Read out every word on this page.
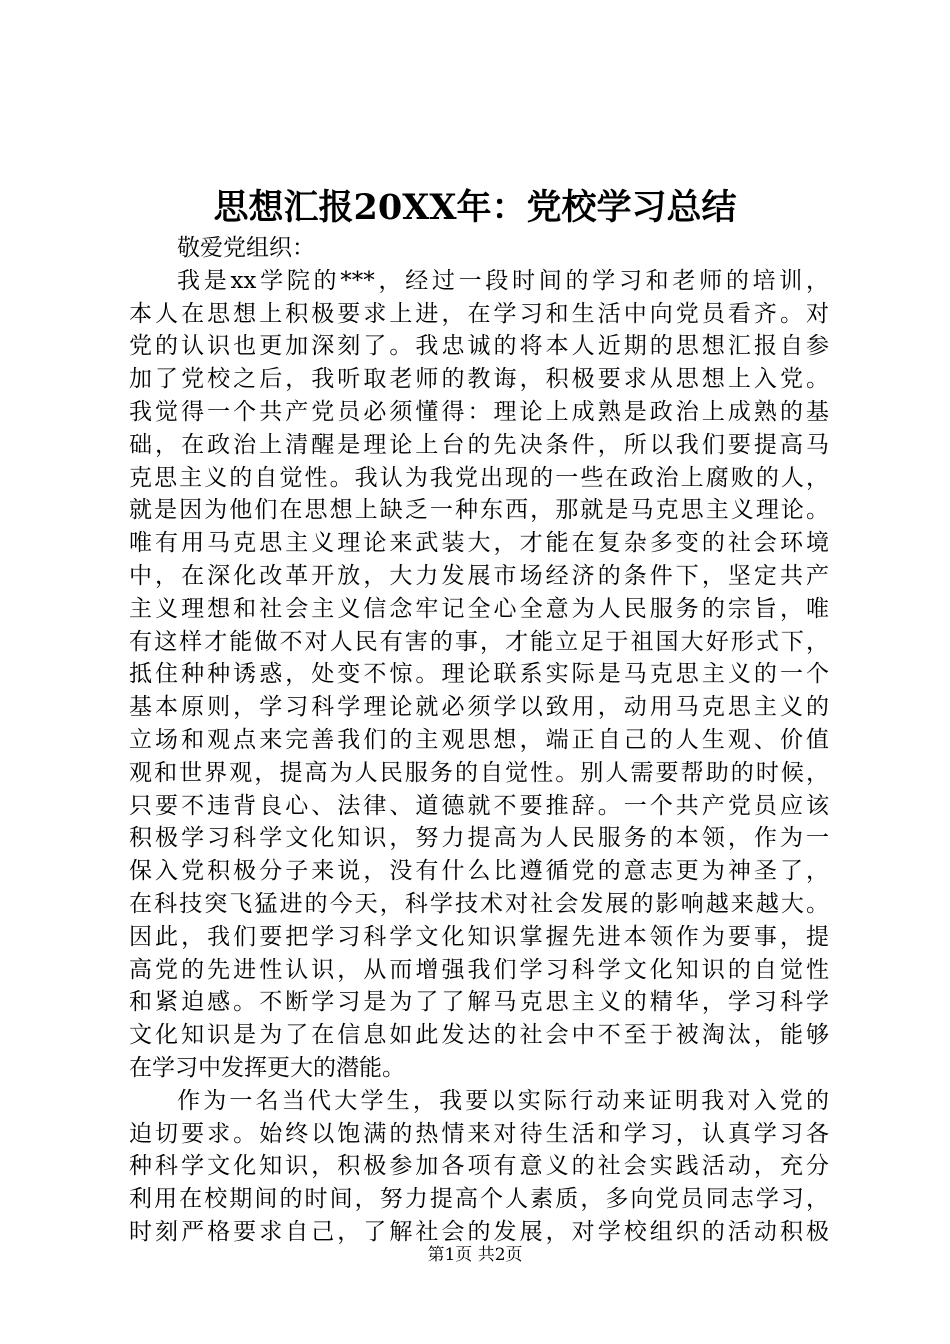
思想汇报20XX年：党校学习总结
敬爱党组织：
我是xx学院的***，经过一段时间的学习和老师的培训，
本人在思想上积极要求上进，在学习和生活中向党员看齐。对
党的认识也更加深刻了。我忠诚的将本人近期的思想汇报自参
加了党校之后，我听取老师的教诲，积极要求从思想上入党。
我觉得一个共产党员必须懂得：理论上成熟是政治上成熟的基
础，在政治上清醒是理论上台的先决条件，所以我们要提高马
克思主义的自觉性。我认为我党出现的一些在政治上腐败的人，
就是因为他们在思想上缺乏一种东西，那就是马克思主义理论。
唯有用马克思主义理论来武装大，才能在复杂多变的社会环境
中，在深化改革开放，大力发展市场经济的条件下，坚定共产
主义理想和社会主义信念牢记全心全意为人民服务的宗旨，唯
有这样才能做不对人民有害的事，才能立足于祖国大好形式下，
抵住种种诱惑，处变不惊。理论联系实际是马克思主义的一个
基本原则，学习科学理论就必须学以致用，动用马克思主义的
立场和观点来完善我们的主观思想，端正自己的人生观、价值
观和世界观，提高为人民服务的自觉性。别人需要帮助的时候，
只要不违背良心、法律、道德就不要推辞。一个共产党员应该
积极学习科学文化知识，努力提高为人民服务的本领，作为一
保入党积极分子来说，没有什么比遵循党的意志更为神圣了，
在科技突飞猛进的今天，科学技术对社会发展的影响越来越大。
因此，我们要把学习科学文化知识掌握先进本领作为要事，提
高党的先进性认识，从而增强我们学习科学文化知识的自觉性
和紧迫感。不断学习是为了了解马克思主义的精华，学习科学
文化知识是为了在信息如此发达的社会中不至于被淘汰，能够
在学习中发挥更大的潜能。
作为一名当代大学生，我要以实际行动来证明我对入党的
迫切要求。始终以饱满的热情来对待生活和学习，认真学习各
种科学文化知识，积极参加各项有意义的社会实践活动，充分
利用在校期间的时间，努力提高个人素质，多向党员同志学习，
时刻严格要求自己，了解社会的发展，对学校组织的活动积极
第1页 共2页
